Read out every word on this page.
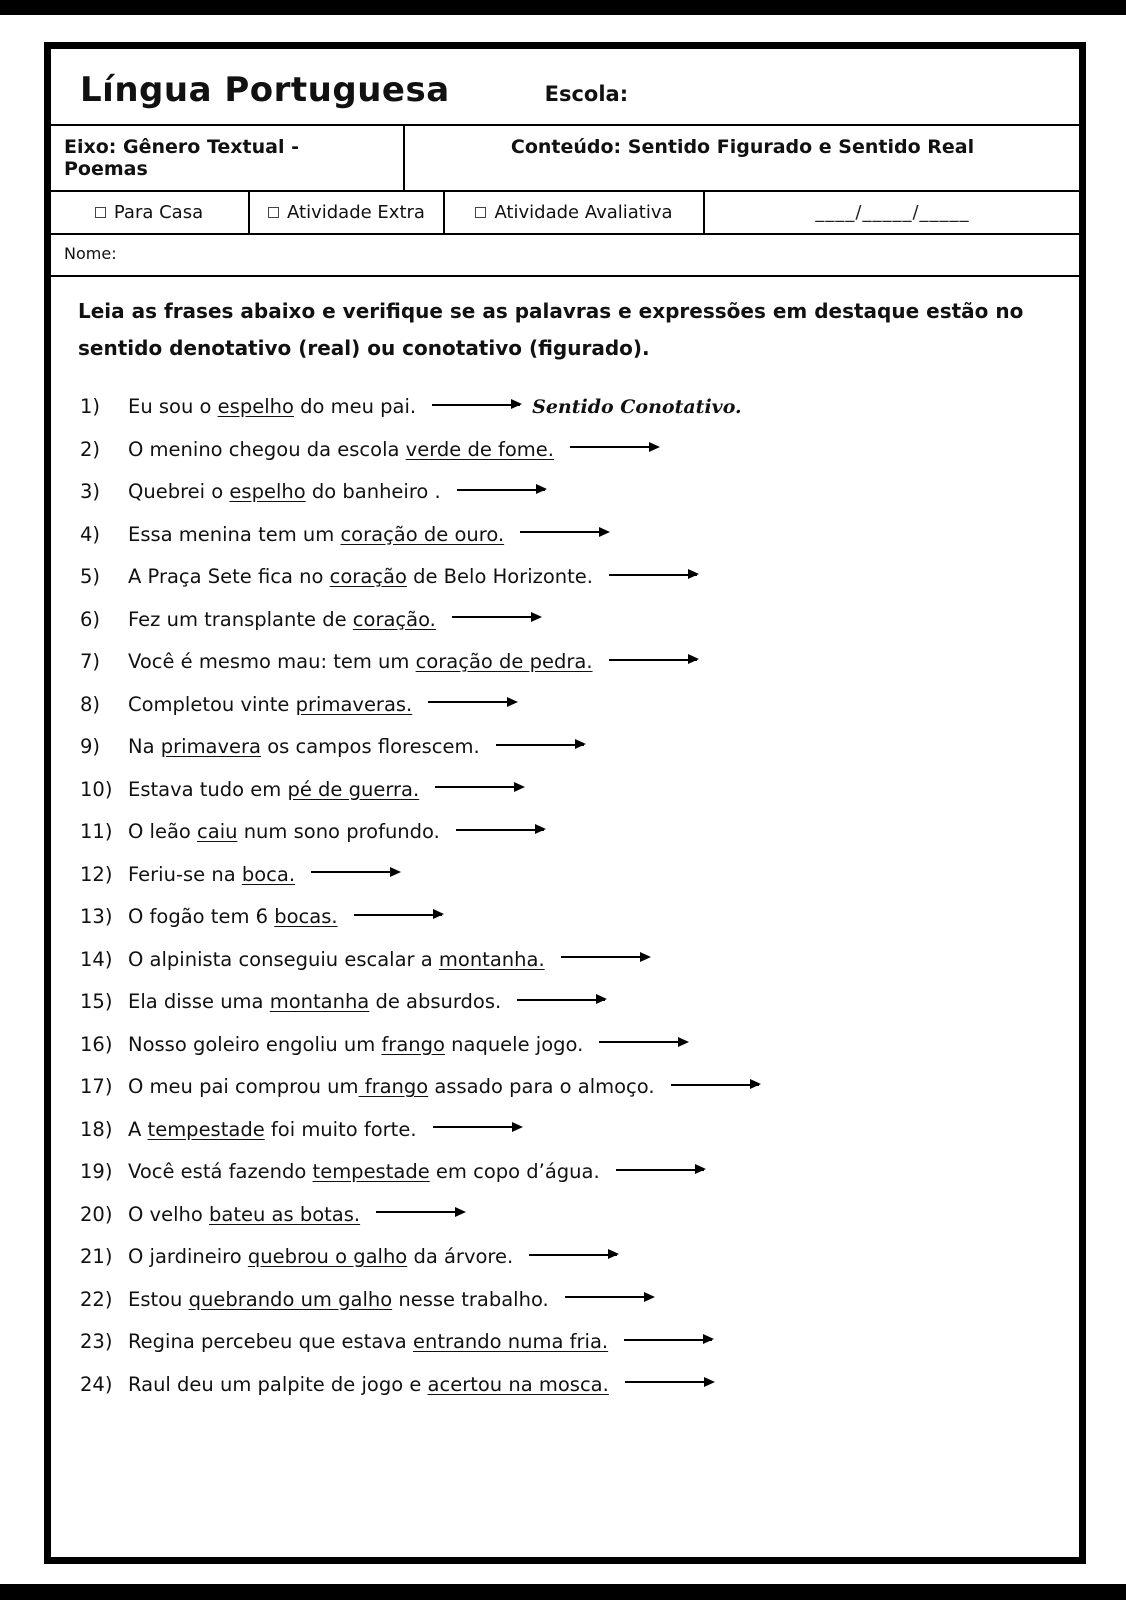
Língua Portuguesa	Escola:
Eixo: Gênero Textual - Poemas
Conteúdo: Sentido Figurado e Sentido Real
Para Casa	Atividade Extra	Atividade Avaliativa	____/_____/_____
Nome:
Leia as frases abaixo e verifique se as palavras e expressões em destaque estão no sentido denotativo (real) ou conotativo (figurado).
1)	Eu sou o espelho do meu pai.	Sentido Conotativo.
2)	O menino chegou da escola verde de fome.
3)	Quebrei o espelho do banheiro .
4)	Essa menina tem um coração de ouro.
5)	A Praça Sete fica no coração de Belo Horizonte.
6)	Fez um transplante de coração.
7)	Você é mesmo mau: tem um coração de pedra.
8)	Completou vinte primaveras.
9)	Na primavera os campos florescem.
10) Estava tudo em pé de guerra.
11) O leão caiu num sono profundo.
12) Feriu-se na boca.
13) O fogão tem 6 bocas.
14) O alpinista conseguiu escalar a montanha.
15) Ela disse uma montanha de absurdos.
16) Nosso goleiro engoliu um frango naquele jogo.
17) O meu pai comprou um frango assado para o almoço.
18) A tempestade foi muito forte.
19) Você está fazendo tempestade em copo d’água.
20) O velho bateu as botas.
21) O jardineiro quebrou o galho da árvore.
22) Estou quebrando um galho nesse trabalho.
23) Regina percebeu que estava entrando numa fria.
24) Raul deu um palpite de jogo e acertou na mosca.
